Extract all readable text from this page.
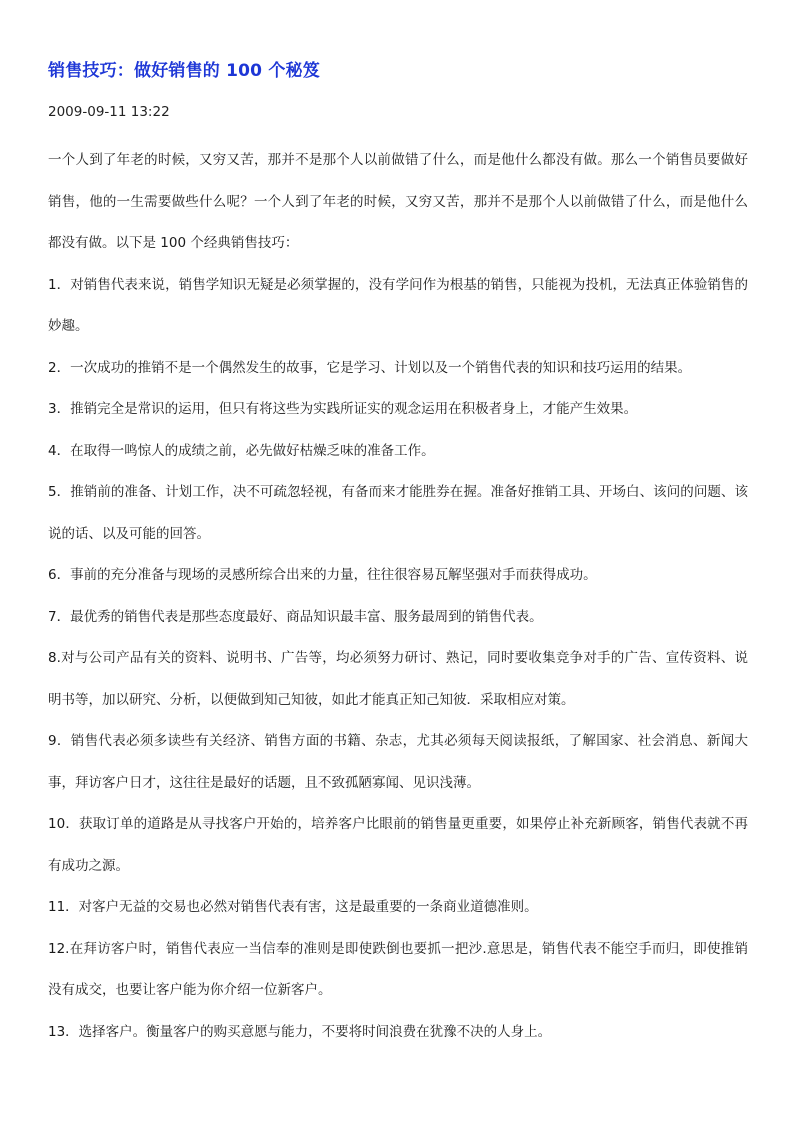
销售技巧：做好销售的 100 个秘笈
2009-09-11 13:22

一个人到了年老的时候，又穷又苦，那并不是那个人以前做错了什么，而是他什么都没有做。那么一个销售员要做好销售，他的一生需要做些什么呢？一个人到了年老的时候，又穷又苦，那并不是那个人以前做错了什么，而是他什么都没有做。以下是 100 个经典销售技巧：

1．对销售代表来说，销售学知识无疑是必须掌握的，没有学问作为根基的销售，只能视为投机，无法真正体验销售的妙趣。

2．一次成功的推销不是一个偶然发生的故事，它是学习、计划以及一个销售代表的知识和技巧运用的结果。

3．推销完全是常识的运用，但只有将这些为实践所证实的观念运用在积极者身上，才能产生效果。

4．在取得一鸣惊人的成绩之前，必先做好枯燥乏味的准备工作。

5．推销前的准备、计划工作，决不可疏忽轻视，有备而来才能胜券在握。准备好推销工具、开场白、该问的问题、该说的话、以及可能的回答。

6．事前的充分准备与现场的灵感所综合出来的力量，往往很容易瓦解坚强对手而获得成功。

7．最优秀的销售代表是那些态度最好、商品知识最丰富、服务最周到的销售代表。

8.对与公司产品有关的资料、说明书、广告等，均必须努力研讨、熟记，同时要收集竞争对手的广告、宣传资料、说明书等，加以研究、分析，以便做到知己知彼，如此才能真正知己知彼．采取相应对策。

9．销售代表必须多读些有关经济、销售方面的书籍、杂志，尤其必须每天阅读报纸，了解国家、社会消息、新闻大事，拜访客户日才，这往往是最好的话题，且不致孤陋寡闻、见识浅薄。

10．获取订单的道路是从寻找客户开始的，培养客户比眼前的销售量更重要，如果停止补充新顾客，销售代表就不再有成功之源。

11．对客户无益的交易也必然对销售代表有害，这是最重要的一条商业道德准则。

12.在拜访客户时，销售代表应一当信奉的准则是即使跌倒也要抓一把沙.意思是，销售代表不能空手而归，即使推销没有成交，也要让客户能为你介绍一位新客户。

13．选择客户。衡量客户的购买意愿与能力，不要将时间浪费在犹豫不决的人身上。
